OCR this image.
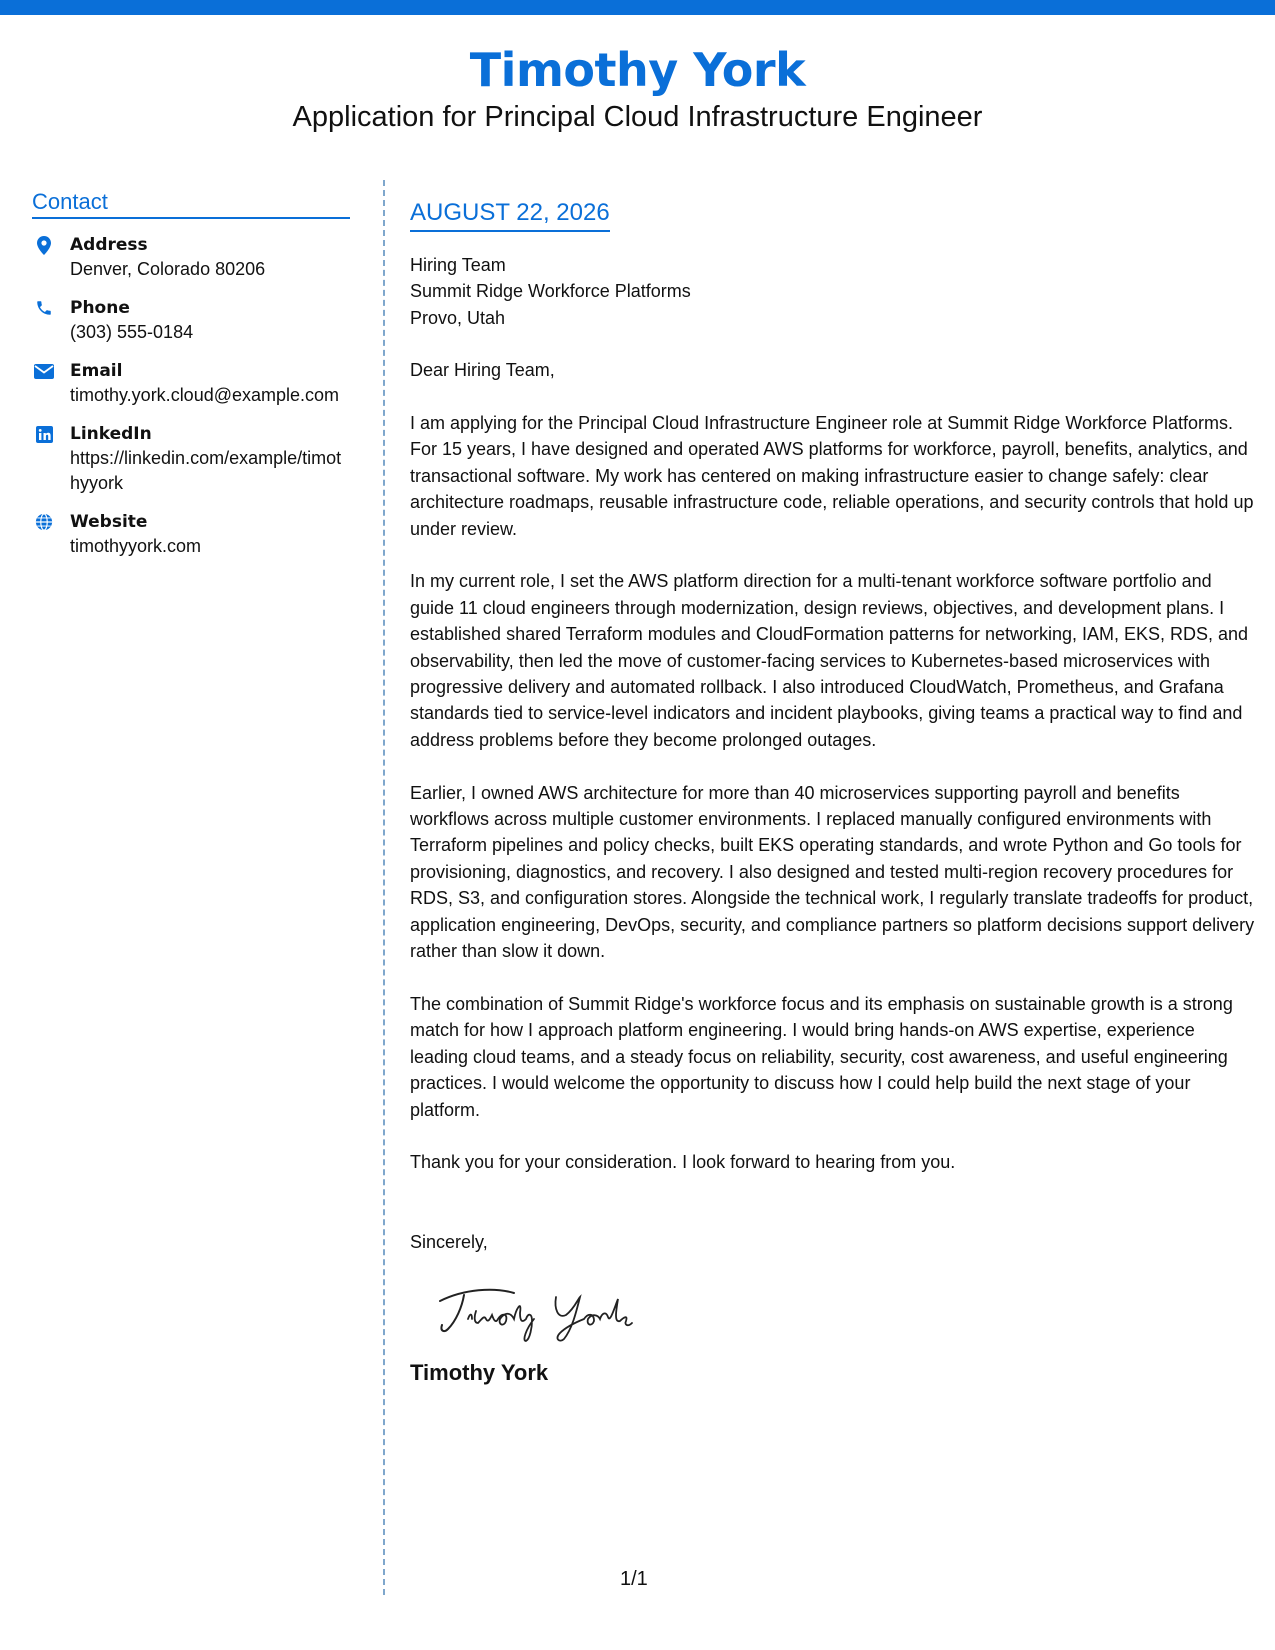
Timothy York
Application for Principal Cloud Infrastructure Engineer
Contact
Address
Denver, Colorado 80206
Phone
(303) 555-0184
Email
timothy.york.cloud@example.com
LinkedIn
https://linkedin.com/example/timothyyork
Website
timothyyork.com
AUGUST 22, 2026
Hiring Team
Summit Ridge Workforce Platforms
Provo, Utah
Dear Hiring Team,
I am applying for the Principal Cloud Infrastructure Engineer role at Summit Ridge Workforce Platforms. For 15 years, I have designed and operated AWS platforms for workforce, payroll, benefits, analytics, and transactional software. My work has centered on making infrastructure easier to change safely: clear architecture roadmaps, reusable infrastructure code, reliable operations, and security controls that hold up under review.
In my current role, I set the AWS platform direction for a multi-tenant workforce software portfolio and guide 11 cloud engineers through modernization, design reviews, objectives, and development plans. I established shared Terraform modules and CloudFormation patterns for networking, IAM, EKS, RDS, and observability, then led the move of customer-facing services to Kubernetes-based microservices with progressive delivery and automated rollback. I also introduced CloudWatch, Prometheus, and Grafana standards tied to service-level indicators and incident playbooks, giving teams a practical way to find and address problems before they become prolonged outages.
Earlier, I owned AWS architecture for more than 40 microservices supporting payroll and benefits workflows across multiple customer environments. I replaced manually configured environments with Terraform pipelines and policy checks, built EKS operating standards, and wrote Python and Go tools for provisioning, diagnostics, and recovery. I also designed and tested multi-region recovery procedures for RDS, S3, and configuration stores. Alongside the technical work, I regularly translate tradeoffs for product, application engineering, DevOps, security, and compliance partners so platform decisions support delivery rather than slow it down.
The combination of Summit Ridge's workforce focus and its emphasis on sustainable growth is a strong match for how I approach platform engineering. I would bring hands-on AWS expertise, experience leading cloud teams, and a steady focus on reliability, security, cost awareness, and useful engineering practices. I would welcome the opportunity to discuss how I could help build the next stage of your platform.
Thank you for your consideration. I look forward to hearing from you.
Sincerely,
Timothy York
1/1
